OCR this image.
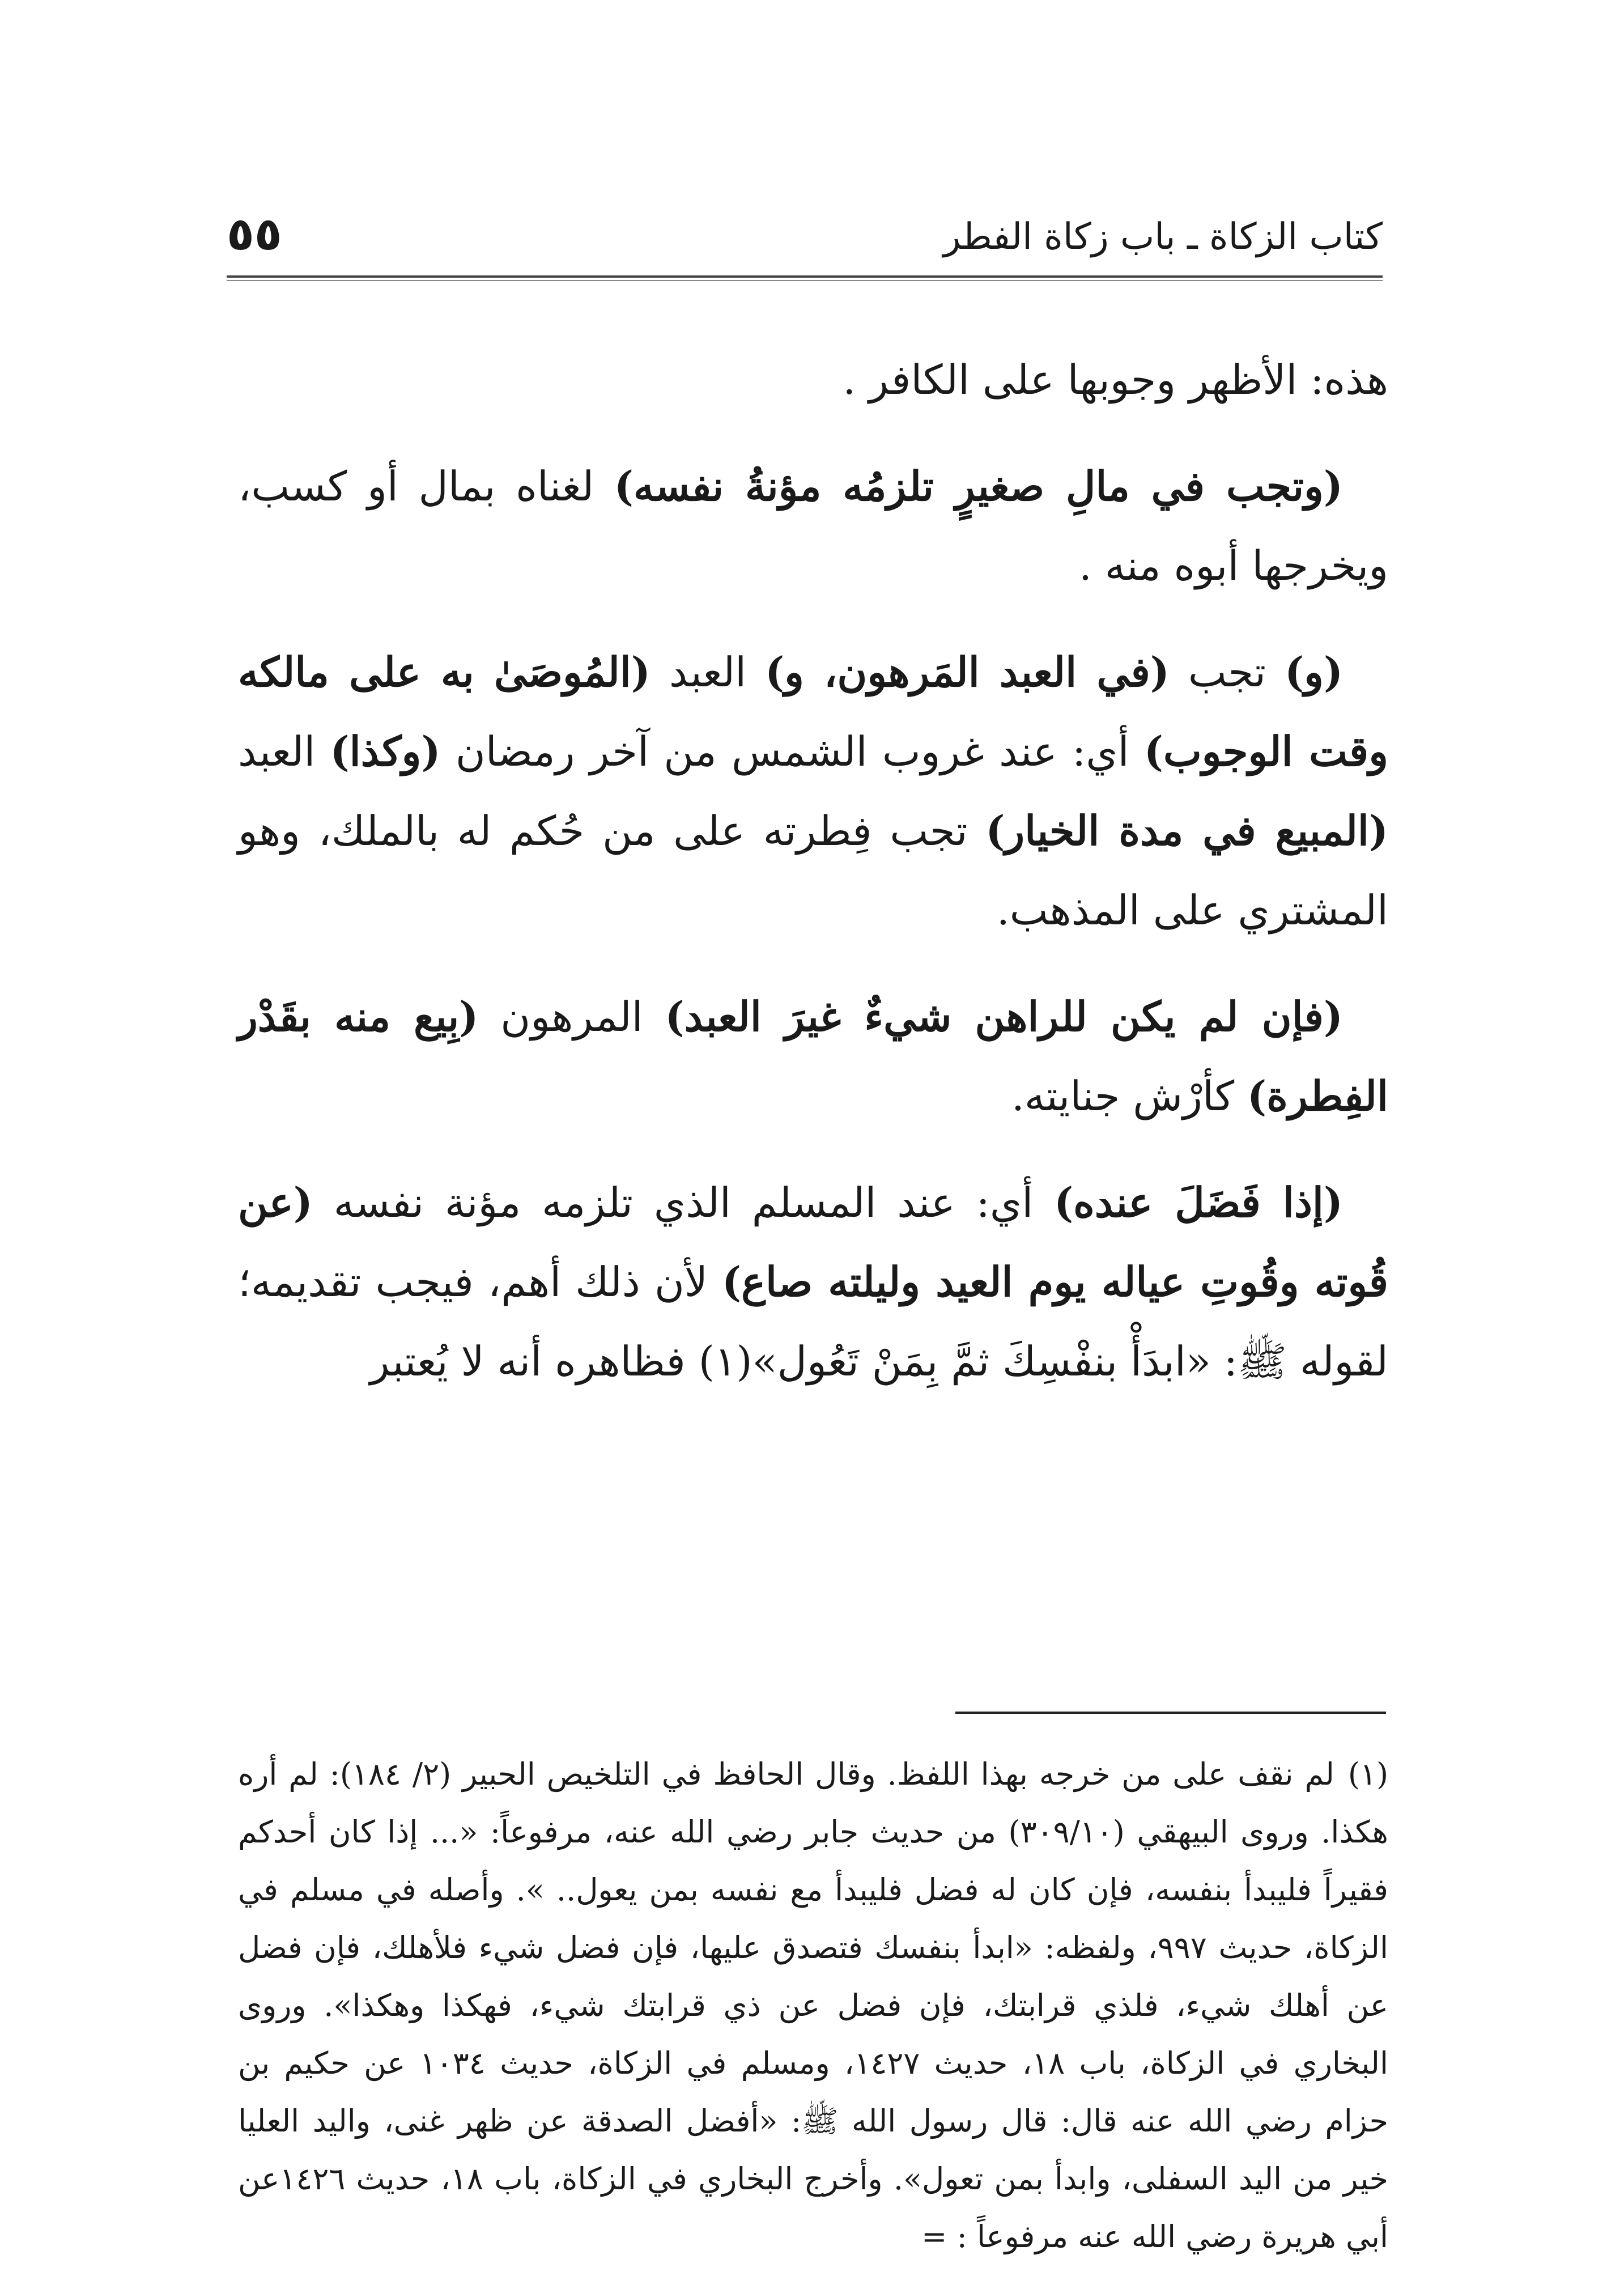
كتاب الزكاة ـ باب زكاة الفطر
٥٥

هذه: الأظهر وجوبها على الكافر .

(وتجب في مالِ صغيرٍ تلزمُه مؤنةُ نفسه) لغناه بمال أو كسب، ويخرجها أبوه منه .

(و) تجب (في العبد المَرهون، و) العبد (المُوصَىٰ به على مالكه وقت الوجوب) أي: عند غروب الشمس من آخر رمضان (وكذا) العبد (المبيع في مدة الخيار) تجب فِطرته على من حُكم له بالملك، وهو المشتري على المذهب.

(فإن لم يكن للراهن شيءٌ غيرَ العبد) المرهون (بِيع منه بقَدْر الفِطرة) كأرْش جنايته.

(إذا فَضَلَ عنده) أي: عند المسلم الذي تلزمه مؤنة نفسه (عن قُوته وقُوتِ عياله يوم العيد وليلته صاع) لأن ذلك أهم، فيجب تقديمه؛ لقوله ﷺ: «ابدَأْ بنفْسِكَ ثمَّ بِمَنْ تَعُول»(١) فظاهره أنه لا يُعتبر

(١)لم نقف على من خرجه بهذا اللفظ. وقال الحافظ في التلخيص الحبير (٢/ ١٨٤): لم أره هكذا. وروى البيهقي (٣٠٩/١٠) من حديث جابر رضي الله عنه، مرفوعاً: «... إذا كان أحدكم فقيراً فليبدأ بنفسه، فإن كان له فضل فليبدأ مع نفسه بمن يعول.. ». وأصله في مسلم في الزكاة، حديث ٩٩٧، ولفظه: «ابدأ بنفسك فتصدق عليها، فإن فضل شيء فلأهلك، فإن فضل عن أهلك شيء، فلذي قرابتك، فإن فضل عن ذي قرابتك شيء، فهكذا وهكذا». وروى البخاري في الزكاة، باب ١٨، حديث ١٤٢٧، ومسلم في الزكاة، حديث ١٠٣٤ عن حكيم بن حزام رضي الله عنه قال: قال رسول الله ﷺ: «أفضل الصدقة عن ظهر غنى، واليد العليا خير من اليد السفلى، وابدأ بمن تعول». وأخرج البخاري في الزكاة، باب ١٨، حديث ١٤٢٦عن أبي هريرة رضي الله عنه مرفوعاً : =
